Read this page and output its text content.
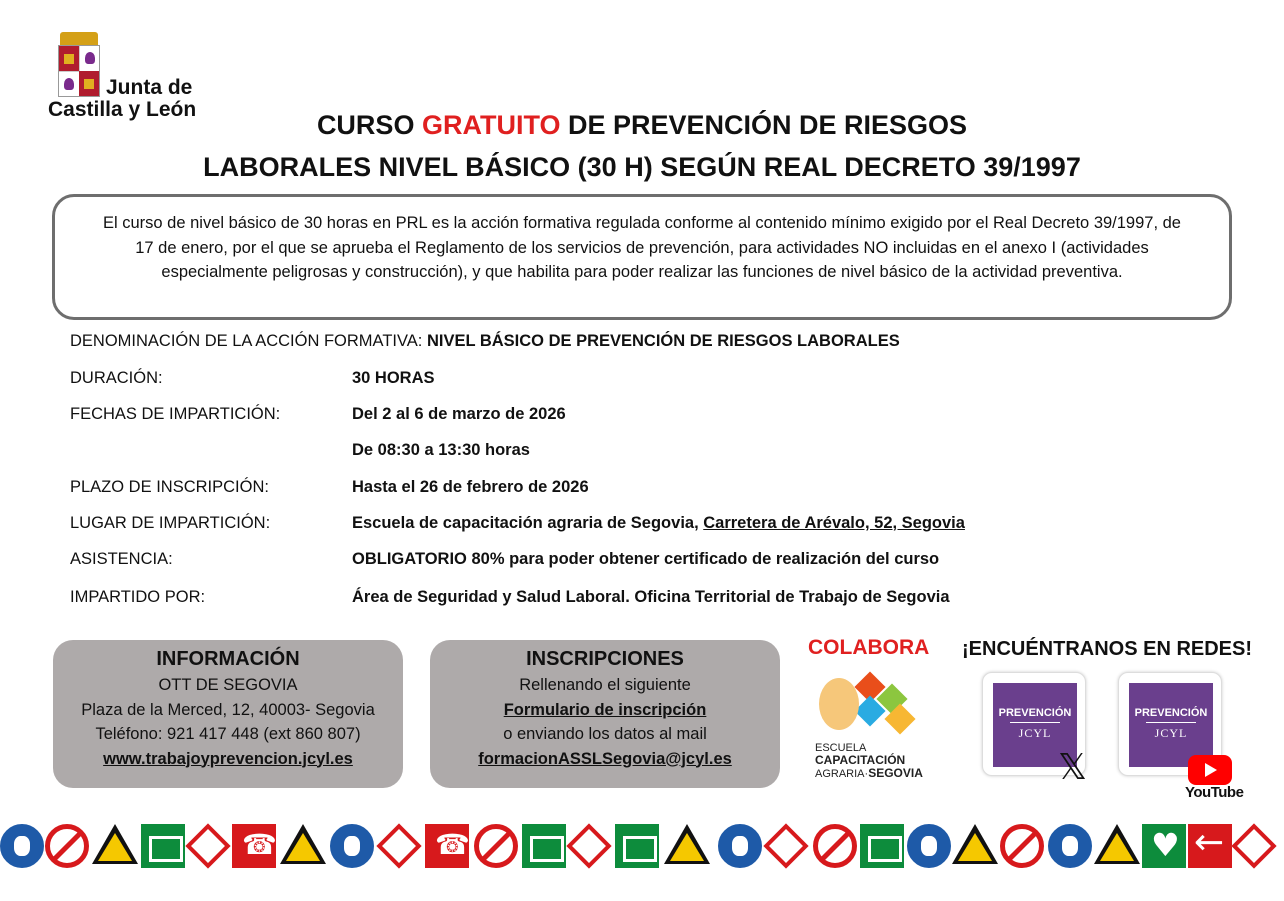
Junta de
Castilla y León
CURSO GRATUITO DE PREVENCIÓN DE RIESGOS
LABORALES NIVEL BÁSICO (30 H) SEGÚN REAL DECRETO 39/1997
El curso de nivel básico de 30 horas en PRL es la acción formativa regulada conforme al contenido mínimo exigido por el Real Decreto 39/1997, de 17 de enero, por el que se aprueba el Reglamento de los servicios de prevención, para actividades NO incluidas en el anexo I (actividades especialmente peligrosas y construcción), y que habilita para poder realizar las funciones de nivel básico de la actividad preventiva.
DENOMINACIÓN DE LA ACCIÓN FORMATIVA: NIVEL BÁSICO DE PREVENCIÓN DE RIESGOS LABORALES
DURACIÓN:	30 HORAS
FECHAS DE IMPARTICIÓN:	Del 2 al 6 de marzo de 2026
De 08:30 a 13:30 horas
PLAZO DE INSCRIPCIÓN:	Hasta el 26 de febrero de 2026
LUGAR DE IMPARTICIÓN:	Escuela de capacitación agraria de Segovia, Carretera de Arévalo, 52, Segovia
ASISTENCIA:	OBLIGATORIO 80% para poder obtener certificado de realización del curso
IMPARTIDO POR:	Área de Seguridad y Salud Laboral. Oficina Territorial de Trabajo de Segovia
INFORMACIÓN
OTT DE SEGOVIA
Plaza de la Merced, 12, 40003- Segovia
Teléfono: 921 417 448 (ext 860 807)
www.trabajoyprevencion.jcyl.es
INSCRIPCIONES
Rellenando el siguiente
Formulario de inscripción
o enviando los datos al mail
formacionASSLSegovia@jcyl.es
COLABORA
ESCUELA
CAPACITACIÓN
AGRARIA·SEGOVIA
¡ENCUÉNTRANOS EN REDES!
PREVENCIÓN
JCYL
𝕏
PREVENCIÓN
JCYL
YouTube
☎
☎
♥
←
